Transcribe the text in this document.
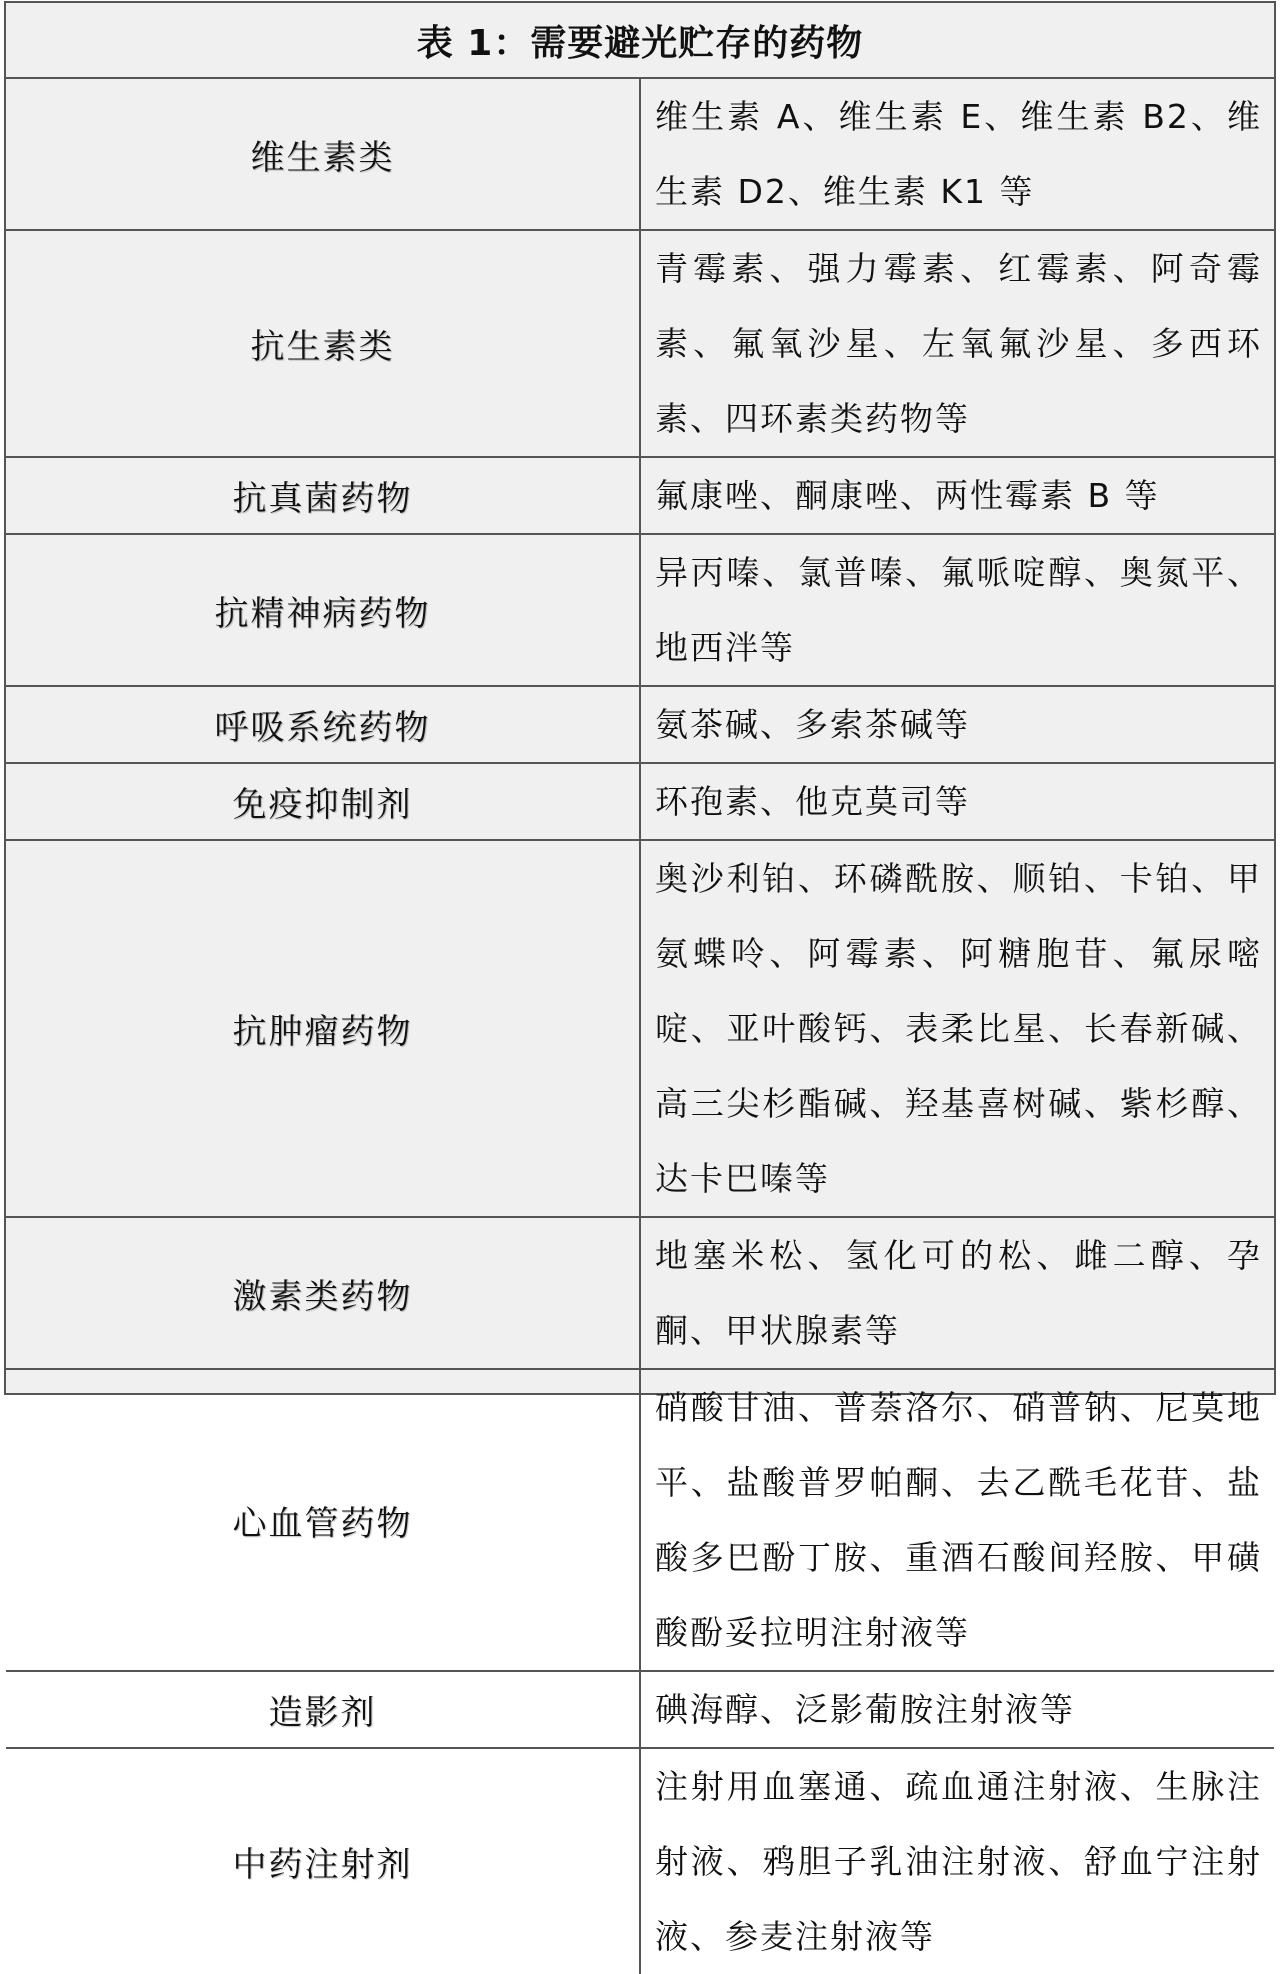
表 1：需要避光贮存的药物	
维生素类	维生素 A、维生素 E、维生素 B2、维生素 D2、维生素 K1 等
抗生素类	青霉素、强力霉素、红霉素、阿奇霉素、氟氧沙星、左氧氟沙星、多西环素、四环素类药物等
抗真菌药物	氟康唑、酮康唑、两性霉素 B 等
抗精神病药物	异丙嗪、氯普嗪、氟哌啶醇、奥氮平、地西泮等
呼吸系统药物	氨茶碱、多索茶碱等
免疫抑制剂	环孢素、他克莫司等
抗肿瘤药物	奥沙利铂、环磷酰胺、顺铂、卡铂、甲氨蝶呤、阿霉素、阿糖胞苷、氟尿嘧啶、亚叶酸钙、表柔比星、长春新碱、高三尖杉酯碱、羟基喜树碱、紫杉醇、达卡巴嗪等
激素类药物	地塞米松、氢化可的松、雌二醇、孕酮、甲状腺素等
心血管药物	硝酸甘油、普萘洛尔、硝普钠、尼莫地平、盐酸普罗帕酮、去乙酰毛花苷、盐酸多巴酚丁胺、重酒石酸间羟胺、甲磺酸酚妥拉明注射液等
造影剂	碘海醇、泛影葡胺注射液等
中药注射剂	注射用血塞通、疏血通注射液、生脉注射液、鸦胆子乳油注射液、舒血宁注射液、参麦注射液等
